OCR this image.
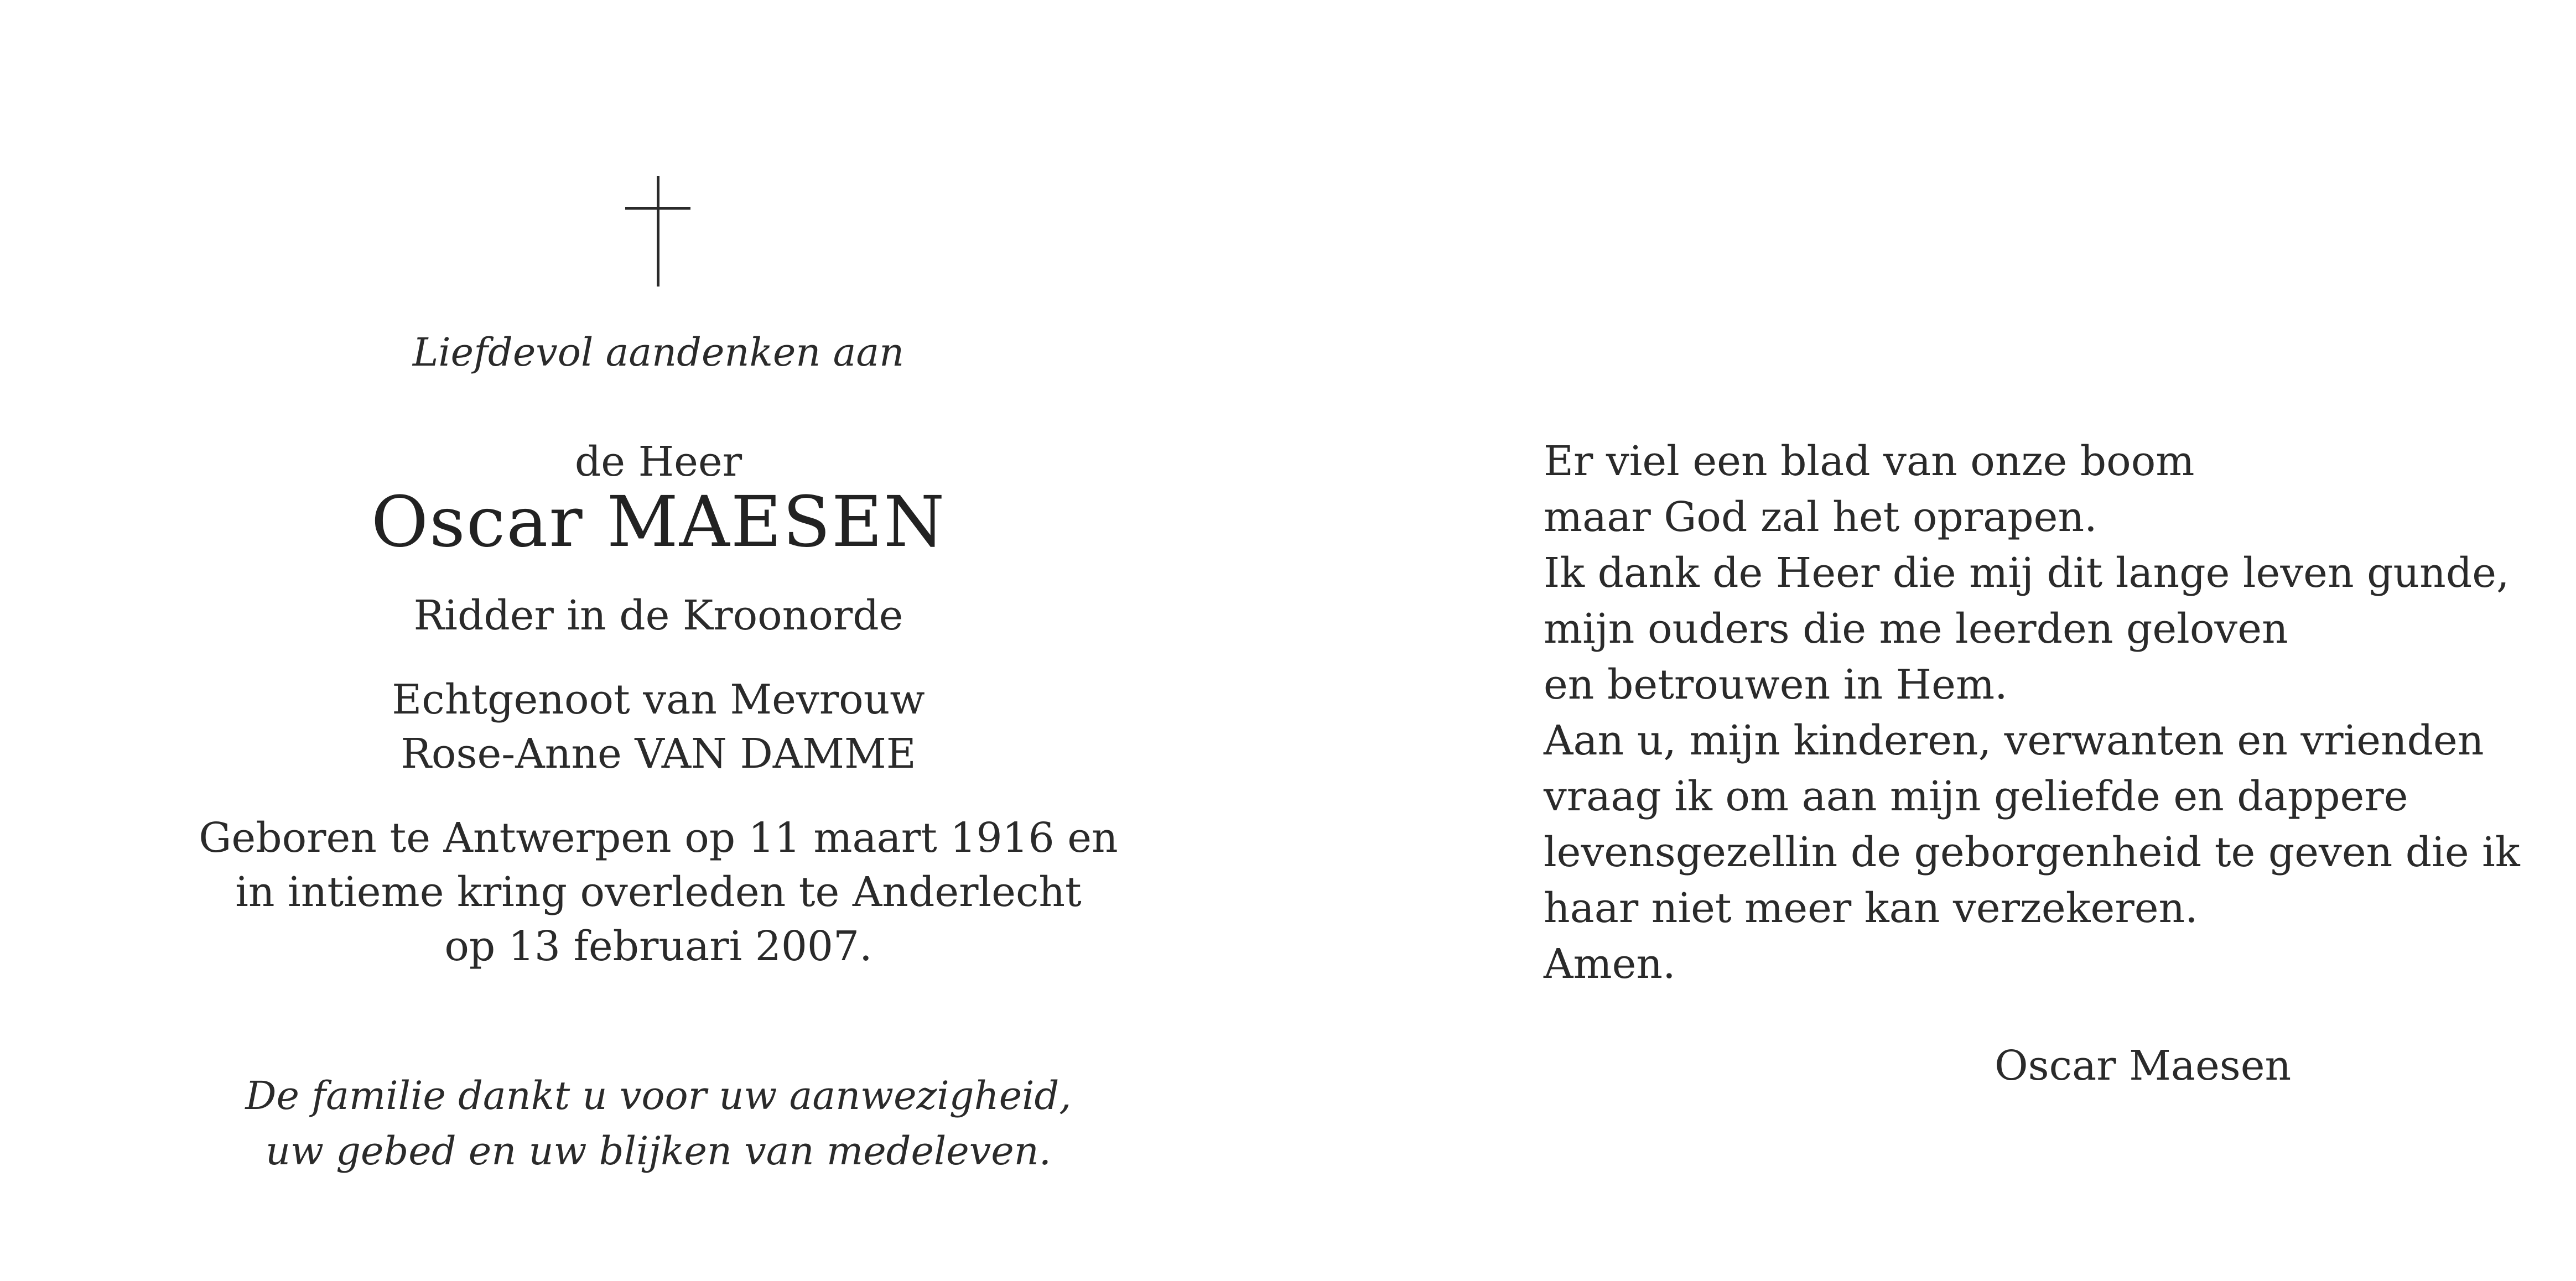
Liefdevol aandenken aan
de Heer
Oscar MAESEN
Ridder in de Kroonorde
Echtgenoot van Mevrouw
Rose-Anne VAN DAMME
Geboren te Antwerpen op 11 maart 1916 en
in intieme kring overleden te Anderlecht
op 13 februari 2007.
De familie dankt u voor uw aanwezigheid,
uw gebed en uw blijken van medeleven.
Er viel een blad van onze boom
maar God zal het oprapen.
Ik dank de Heer die mij dit lange leven gunde,
mijn ouders die me leerden geloven
en betrouwen in Hem.
Aan u, mijn kinderen, verwanten en vrienden
vraag ik om aan mijn geliefde en dappere
levensgezellin de geborgenheid te geven die ik
haar niet meer kan verzekeren.
Amen.
Oscar Maesen
